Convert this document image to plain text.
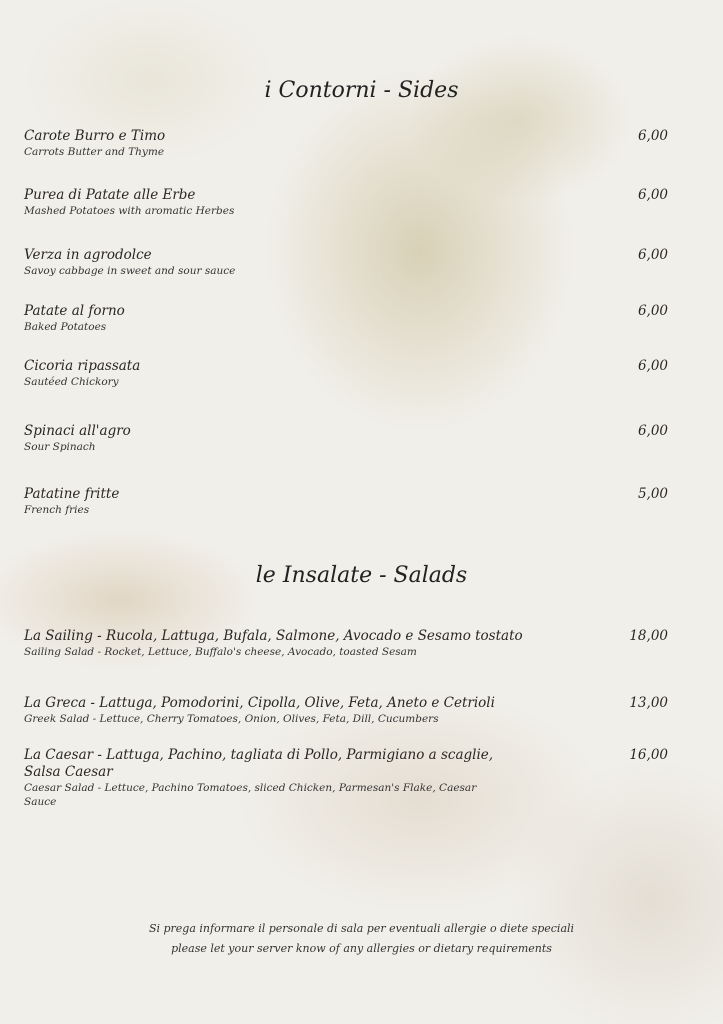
i Contorni - Sides
Carote Burro e Timo
Carrots Butter and Thyme
6,00
Purea di Patate alle Erbe
Mashed Potatoes with aromatic Herbes
6,00
Verza in agrodolce
Savoy cabbage in sweet and sour sauce
6,00
Patate al forno
Baked Potatoes
6,00
Cicoria ripassata
Sautéed Chickory
6,00
Spinaci all'agro
Sour Spinach
6,00
Patatine fritte
French fries
5,00
le Insalate - Salads
La Sailing - Rucola, Lattuga, Bufala, Salmone, Avocado e Sesamo tostato
Sailing Salad - Rocket, Lettuce, Buffalo's cheese, Avocado, toasted Sesam
18,00
La Greca - Lattuga, Pomodorini, Cipolla, Olive, Feta, Aneto e Cetrioli
Greek Salad - Lettuce, Cherry Tomatoes, Onion, Olives, Feta, Dill, Cucumbers
13,00
La Caesar - Lattuga, Pachino, tagliata di Pollo, Parmigiano a scaglie, Salsa Caesar
Caesar Salad - Lettuce, Pachino Tomatoes, sliced Chicken, Parmesan's Flake, Caesar Sauce
16,00
Si prega informare il personale di sala per eventuali allergie o diete speciali
please let your server know of any allergies or dietary requirements
